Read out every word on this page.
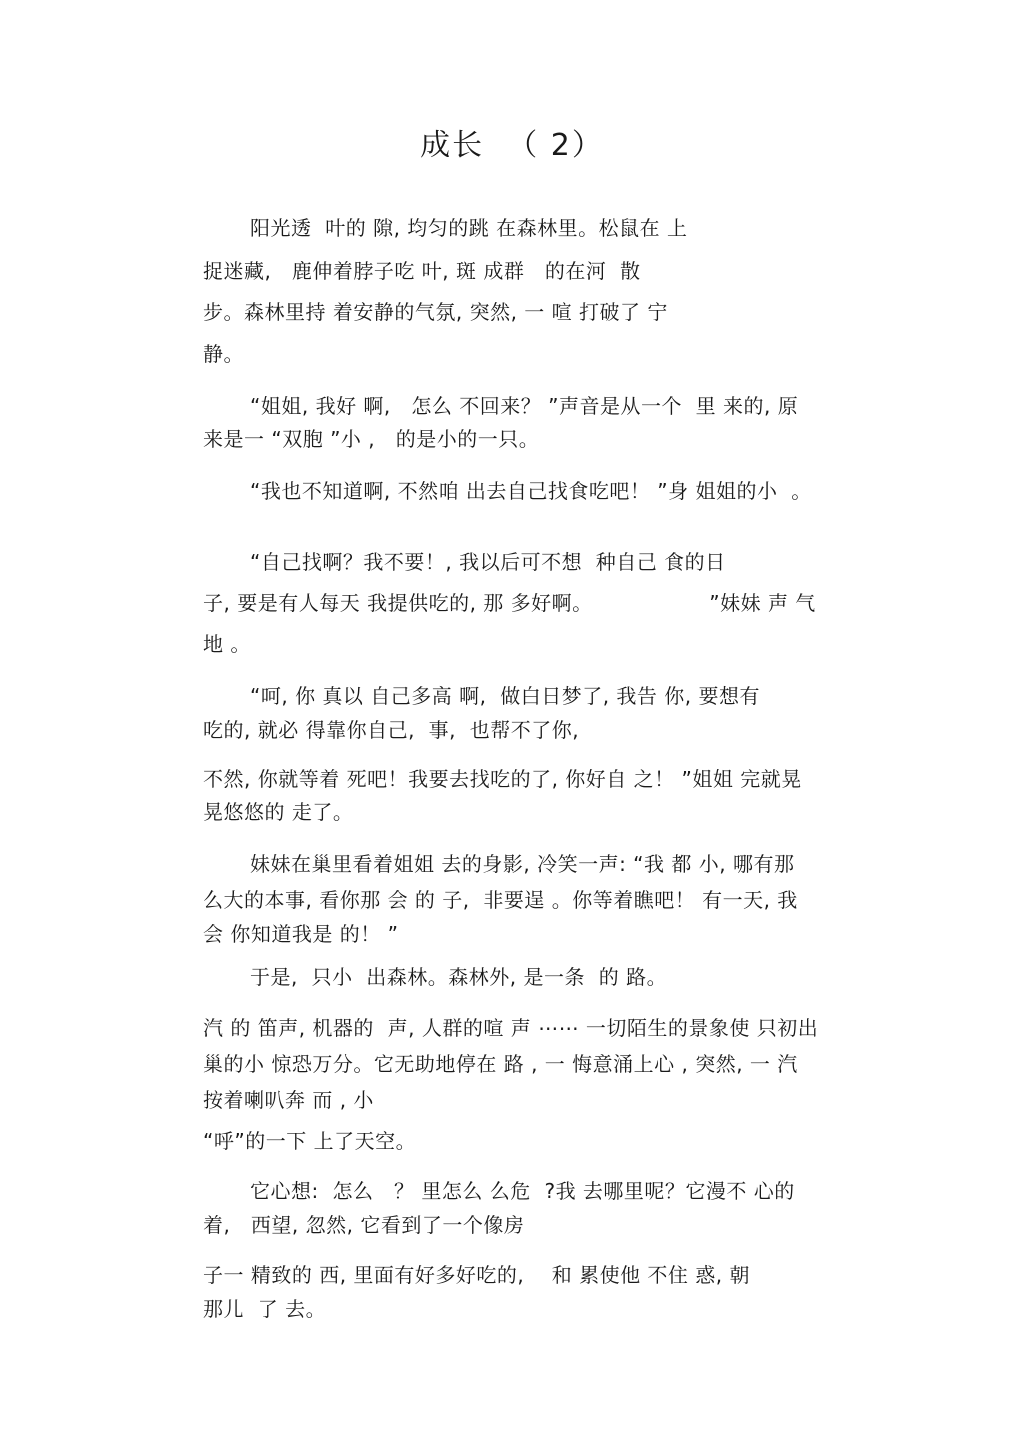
成长  （ 2）
阳光透  叶的 隙, 均匀的跳 在森林里。松鼠在 上
捉迷藏,   鹿伸着脖子吃 叶, 斑 成群   的在河  散
步。森林里持 着安静的气氛, 突然, 一 喧 打破了 宁
静。
“姐姐, 我好 啊,   怎么 不回来？ ”声音是从一个  里 来的, 原
来是一 “双胞 ”小 ,   的是小的一只。
“我也不知道啊, 不然咱 出去自己找食吃吧！ ”身 姐姐的小  。
“自己找啊？我不要！, 我以后可不想  种自己 食的日
子, 要是有人每天 我提供吃的, 那 多好啊。                 ”妹妹 声 气
地 。
“呵, 你 真以 自己多高 啊,  做白日梦了, 我告 你, 要想有
吃的, 就必 得靠你自己,  事,  也帮不了你,
不然, 你就等着 死吧！我要去找吃的了, 你好自 之！ ”姐姐 完就晃
晃悠悠的 走了。
妹妹在巢里看着姐姐 去的身影, 冷笑一声: “我 都 小, 哪有那
么大的本事, 看你那 会 的 子,  非要逞 。你等着瞧吧！ 有一天, 我
会 你知道我是 的！ ”
于是,  只小  出森林。森林外, 是一条  的 路。
汽 的 笛声, 机器的  声, 人群的喧 声 ⋯⋯ 一切陌生的景象使 只初出
巢的小 惊恐万分。它无助地停在 路 , 一 悔意涌上心 , 突然, 一 汽
按着喇叭奔 而 , 小
“呼”的一下 上了天空。
它心想:  怎么   ？ 里怎么 么危  ?我 去哪里呢？它漫不 心的
着,   西望, 忽然, 它看到了一个像房
子一 精致的 西, 里面有好多好吃的,    和 累使他 不住 惑, 朝
那儿  了 去。
